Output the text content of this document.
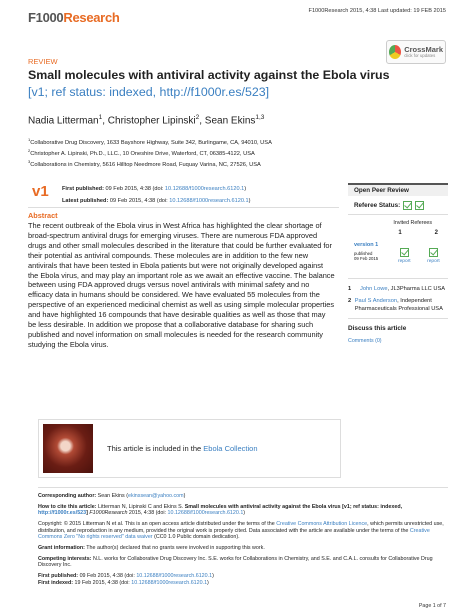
F1000Research	F1000Research 2015, 4:38 Last updated: 19 FEB 2015
CrossMark
click for updates
REVIEW
Small molecules with antiviral activity against the Ebola virus
[v1; ref status: indexed, http://f1000r.es/523]
Nadia Litterman$^1$, Christopher Lipinski$^2$, Sean Ekins$^{1,3}$
$^1$Collaborative Drug Discovery, 1633 Bayshore Highway, Suite 342, Burlingame, CA, 94010, USA
$^2$Christopher A. Lipinski, Ph.D., LLC., 10 Oneshire Drive, Waterford, CT, 06385-4122, USA
$^3$Collaborations in Chemistry, 5616 Hilltop Needmore Road, Fuquay Varina, NC, 27526, USA
v1 First published: 09 Feb 2015, 4:38 (doi: 10.12688/f1000research.6120.1)
Latest published: 09 Feb 2015, 4:38 (doi: 10.12688/f1000research.6120.1)
Abstract
The recent outbreak of the Ebola virus in West Africa has highlighted the clear shortage of broad-spectrum antiviral drugs for emerging viruses. There are numerous FDA approved drugs and other small molecules described in the literature that could be further evaluated for their potential as antiviral compounds. These molecules are in addition to the few new antivirals that have been tested in Ebola patients but were not originally developed against the Ebola virus, and may play an important role as we await an effective vaccine. The balance between using FDA approved drugs versus novel antivirals with minimal safety and no efficacy data in humans should be considered. We have evaluated 55 molecules from the perspective of an experienced medicinal chemist as well as using simple molecular properties and have highlighted 16 compounds that have desirable qualities as well as those that may be less desirable. In addition we propose that a collaborative database for sharing such published and novel information on small molecules is needed for the research community studying the Ebola virus.
This article is included in the Ebola Collection
Open Peer Review
Referee Status:
Invited Referees
1	2
version 1
published
09 Feb 2015
report	report
1	John Lowe, JL3Pharma LLC USA
2 Paul S Anderson, Independent Pharmaceuticals Professional USA
Discuss this article
Comments (0)

Corresponding author: Sean Ekins (ekinssean@yahoo.com)

How to cite this article: Litterman N, Lipinski C and Ekins S. Small molecules with antiviral activity against the Ebola virus [v1; ref status: indexed, http://f1000r.es/523] F1000Research 2015, 4:38 (doi: 10.12688/f1000research.6120.1)

Copyright: © 2015 Litterman N et al. This is an open access article distributed under the terms of the Creative Commons Attribution Licence, which permits unrestricted use, distribution, and reproduction in any medium, provided the original work is properly cited. Data associated with the article are available under the terms of the Creative Commons Zero "No rights reserved" data waiver (CC0 1.0 Public domain dedication).

Grant information: The author(s) declared that no grants were involved in supporting this work.

Competing interests: N.L. works for Collaborative Drug Discovery Inc. S.E. works for Collaborations in Chemistry, and S.E. and C.A.L. consults for Collaborative Drug Discovery Inc.

First published: 09 Feb 2015, 4:38 (doi: 10.12688/f1000research.6120.1)
First indexed: 19 Feb 2015, 4:38 (doi: 10.12688/f1000research.6120.1)

Page 1 of 7
